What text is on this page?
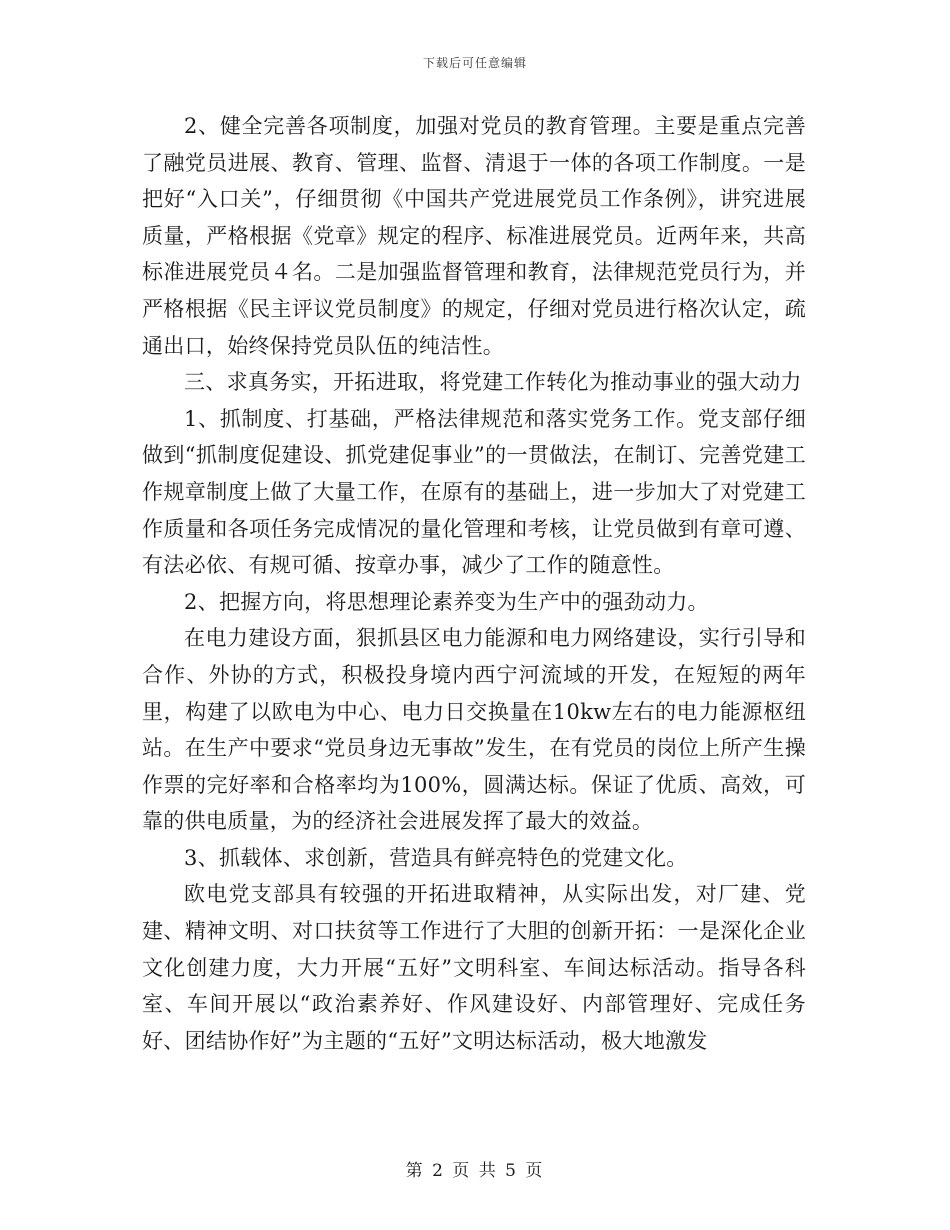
下载后可任意编辑

2、健全完善各项制度，加强对党员的教育管理。主要是重点完善了融党员进展、教育、管理、监督、清退于一体的各项工作制度。一是把好“入口关”，仔细贯彻《中国共产党进展党员工作条例》，讲究进展质量，严格根据《党章》规定的程序、标准进展党员。近两年来，共高标准进展党员４名。二是加强监督管理和教育，法律规范党员行为，并严格根据《民主评议党员制度》的规定，仔细对党员进行格次认定，疏通出口，始终保持党员队伍的纯洁性。

三、求真务实，开拓进取，将党建工作转化为推动事业的强大动力

1、抓制度、打基础，严格法律规范和落实党务工作。党支部仔细做到“抓制度促建设、抓党建促事业”的一贯做法，在制订、完善党建工作规章制度上做了大量工作，在原有的基础上，进一步加大了对党建工作质量和各项任务完成情况的量化管理和考核，让党员做到有章可遵、有法必依、有规可循、按章办事，减少了工作的随意性。

2、把握方向，将思想理论素养变为生产中的强劲动力。

在电力建设方面，狠抓县区电力能源和电力网络建设，实行引导和合作、外协的方式，积极投身境内西宁河流域的开发，在短短的两年里，构建了以欧电为中心、电力日交换量在10kw左右的电力能源枢纽站。在生产中要求“党员身边无事故”发生，在有党员的岗位上所产生操作票的完好率和合格率均为100%，圆满达标。保证了优质、高效，可靠的供电质量，为的经济社会进展发挥了最大的效益。

3、抓载体、求创新，营造具有鲜亮特色的党建文化。

欧电党支部具有较强的开拓进取精神，从实际出发，对厂建、党建、精神文明、对口扶贫等工作进行了大胆的创新开拓：一是深化企业文化创建力度，大力开展“五好”文明科室、车间达标活动。指导各科室、车间开展以“政治素养好、作风建设好、内部管理好、完成任务好、团结协作好”为主题的“五好”文明达标活动，极大地激发

第 2 页 共 5 页
